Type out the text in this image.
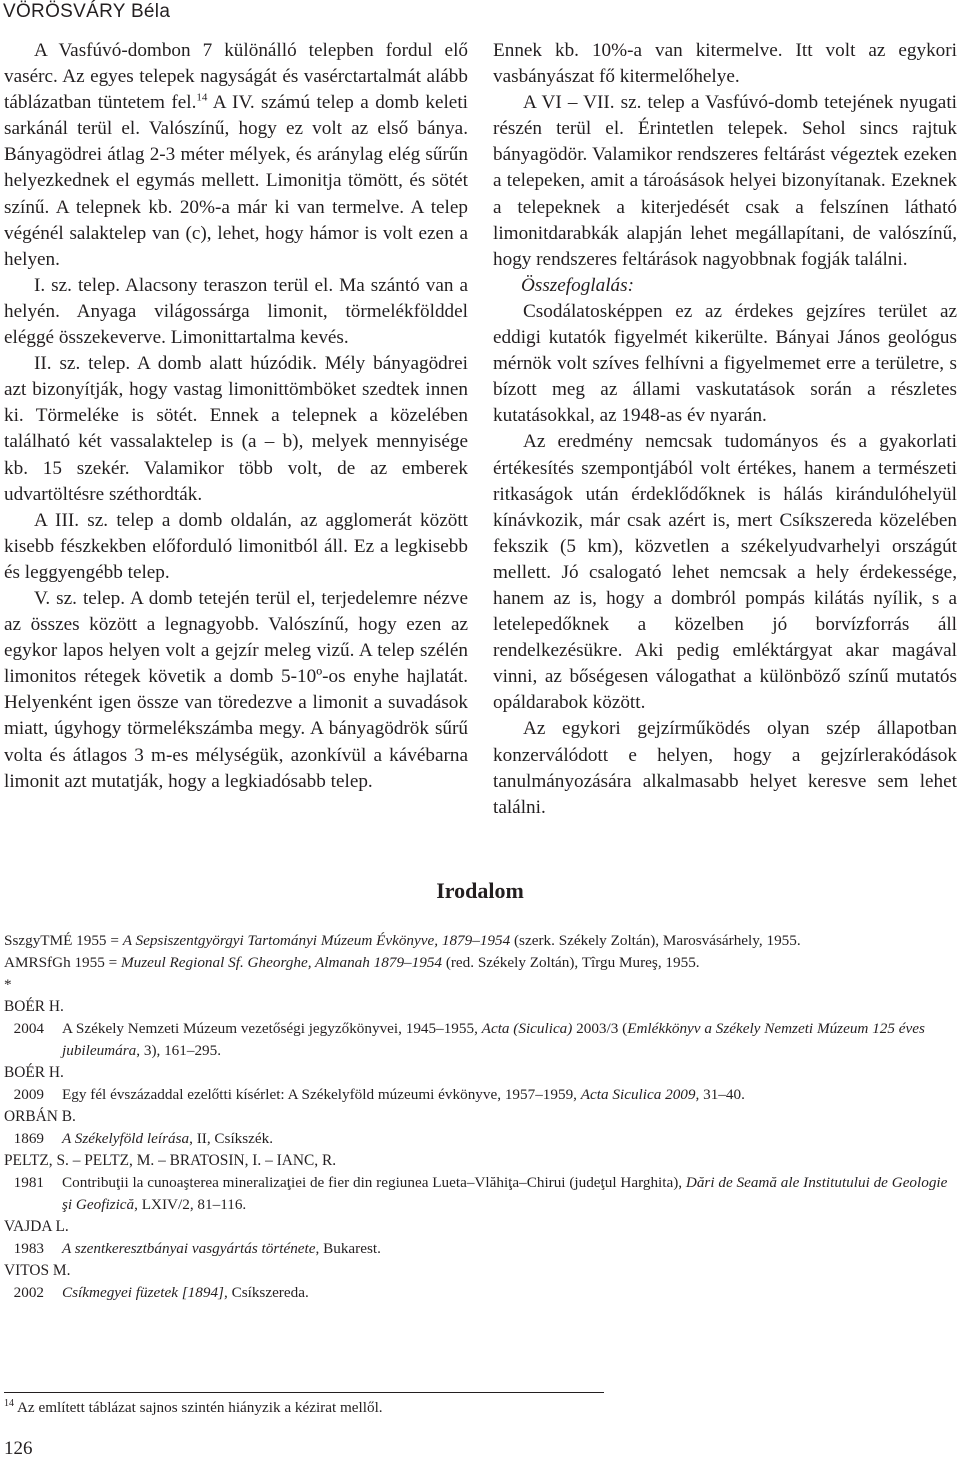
VÖRÖSVÁRY Béla

A Vasfúvó-dombon 7 különálló telepben fordul elő vasérc. Az egyes telepek nagyságát és vasérctartalmát alább táblázatban tüntetem fel.$^{14}$ A IV. számú telep a domb keleti sarkánál terül el. Valószínű, hogy ez volt az első bánya. Bányagödrei átlag 2-3 méter mélyek, és aránylag elég sűrűn helyezkednek el egymás mellett. Limonitja tömött, és sötét színű. A telepnek kb. 20%-a már ki van termelve. A telep végénél salaktelep van (c), lehet, hogy hámor is volt ezen a helyen.

I. sz. telep. Alacsony teraszon terül el. Ma szántó van a helyén. Anyaga világossárga limonit, törmelékfölddel eléggé összekeverve. Limonittartalma kevés.

II. sz. telep. A domb alatt húzódik. Mély bányagödrei azt bizonyítják, hogy vastag limonittömböket szedtek innen ki. Törmeléke is sötét. Ennek a telepnek a közelében található két vassalaktelep is (a – b), melyek mennyisége kb. 15 szekér. Valamikor több volt, de az emberek udvartöltésre széthordták.

A III. sz. telep a domb oldalán, az agglomerát között kisebb fészkekben előforduló limonitból áll. Ez a legkisebb és leggyengébb telep.

V. sz. telep. A domb tetején terül el, terjedelemre nézve az összes között a legnagyobb. Valószínű, hogy ezen az egykor lapos helyen volt a gejzír meleg vizű. A telep szélén limonitos rétegek követik a domb 5-10º-os enyhe hajlatát. Helyenként igen össze van töredezve a limonit a suvadások miatt, úgyhogy törmelékszámba megy. A bányagödrök sűrű volta és átlagos 3 m-es mélységük, azonkívül a kávébarna limonit azt mutatják, hogy a legkiadósabb telep.

Ennek kb. 10%-a van kitermelve. Itt volt az egykori vasbányászat fő kitermelőhelye.

A VI – VII. sz. telep a Vasfúvó-domb tetejének nyugati részén terül el. Érintetlen telepek. Sehol sincs rajtuk bányagödör. Valamikor rendszeres feltárást végeztek ezeken a telepeken, amit a tároásások helyei bizonyítanak. Ezeknek a telepeknek a kiterjedését csak a felszínen látható limonitdarabkák alapján lehet megállapítani, de valószínű, hogy rendszeres feltárások nagyobbnak fogják találni.

Összefoglalás:

Csodálatosképpen ez az érdekes gejzíres terület az eddigi kutatók figyelmét kikerülte. Bányai János geológus mérnök volt szíves felhívni a figyelmemet erre a területre, s bízott meg az állami vaskutatások során a részletes kutatásokkal, az 1948-as év nyarán.

Az eredmény nemcsak tudományos és a gyakorlati értékesítés szempontjából volt értékes, hanem a természeti ritkaságok után érdeklődőknek is hálás kirándulóhelyül kínávkozik, már csak azért is, mert Csíkszereda közelében fekszik (5 km), közvetlen a székelyudvarhelyi országút mellett. Jó csalogató lehet nemcsak a hely érdekessége, hanem az is, hogy a dombról pompás kilátás nyílik, s a letelepedőknek a közelben jó borvízforrás áll rendelkezésükre. Aki pedig emléktárgyat akar magával vinni, az bőségesen válogathat a különböző színű mutatós opáldarabok között.

Az egykori gejzírműködés olyan szép állapotban konzerválódott e helyen, hogy a gejzírlerakódások tanulmányozására alkalmasabb helyet keresve sem lehet találni.

Irodalom

SszgyTMÉ 1955 = A Sepsiszentgyörgyi Tartományi Múzeum Évkönyve, 1879–1954 (szerk. Székely Zoltán), Marosvásárhely, 1955.

AMRSfGh 1955 = Muzeul Regional Sf. Gheorghe, Almanah 1879–1954 (red. Székely Zoltán), Tîrgu Mureş, 1955.

*

BOÉR H.

2004 A Székely Nemzeti Múzeum vezetőségi jegyzőkönyvei, 1945–1955, Acta (Siculica) 2003/3 (Emlékkönyv a Székely Nemzeti Múzeum 125 éves jubileumára, 3), 161–295.

BOÉR H.

2009 Egy fél évszázaddal ezelőtti kísérlet: A Székelyföld múzeumi évkönyve, 1957–1959, Acta Siculica 2009, 31–40.

ORBÁN B.

1869 A Székelyföld leírása, II, Csíkszék.

PELTZ, S. – PELTZ, M. – BRATOSIN, I. – IANC, R.

1981 Contribuţii la cunoaşterea mineralizaţiei de fier din regiunea Lueta–Vlăhiţa–Chirui (judeţul Harghita), Dări de Seamă ale Institutului de Geologie şi Geofizică, LXIV/2, 81–116.

VAJDA L.

1983 A szentkeresztbányai vasgyártás története, Bukarest.

VITOS M.

2002 Csíkmegyei füzetek [1894], Csíkszereda.
$^{14}$ Az említett táblázat sajnos szintén hiányzik a kézirat mellől.
126
